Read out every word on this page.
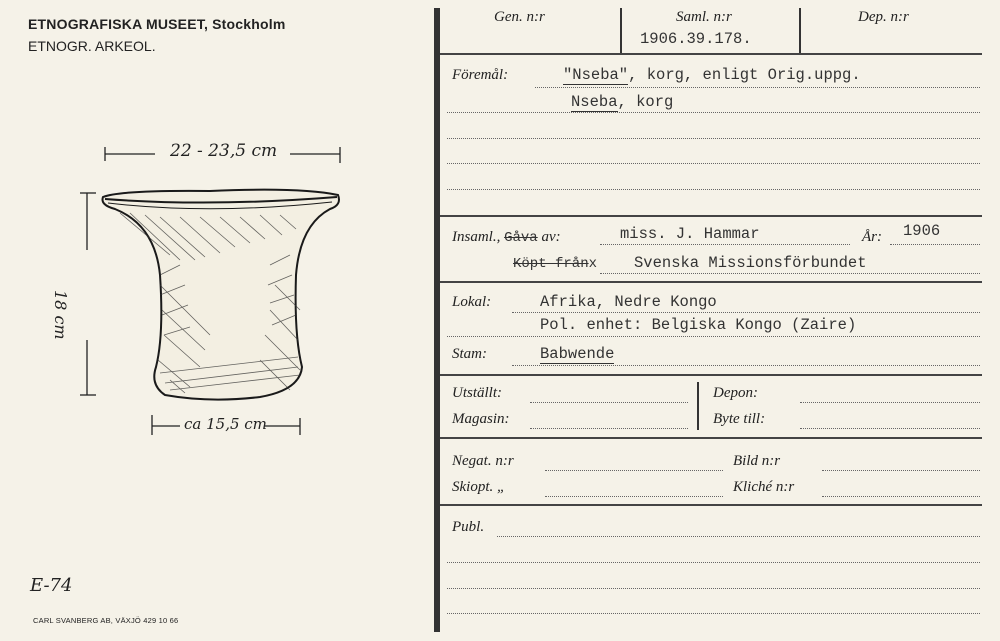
ETNOGRAFISKA MUSEET, Stockholm
ETNOGR. ARKEOL.
22 - 23,5 cm
18 cm
ca 15,5 cm
E-74
CARL SVANBERG AB, VÄXJÖ 429 10 66
Gen. n:r	Saml. n:r
1906.39.178.
Dep. n:r
Föremål:	"Nseba", korg, enligt Orig.uppg.
Nseba, korg
Insaml., Gåva av:	miss. J. Hammar	År: 1906
Köpt frånx Svenska Missionsförbundet
Lokal:	Afrika, Nedre Kongo
Pol. enhet: Belgiska Kongo (Zaire)
Stam:	Babwende
Utställt:
Magasin:
Depon:
Byte till:
Negat. n:r	Bild n:r
Skiopt. „	Kliché n:r
Publ.
